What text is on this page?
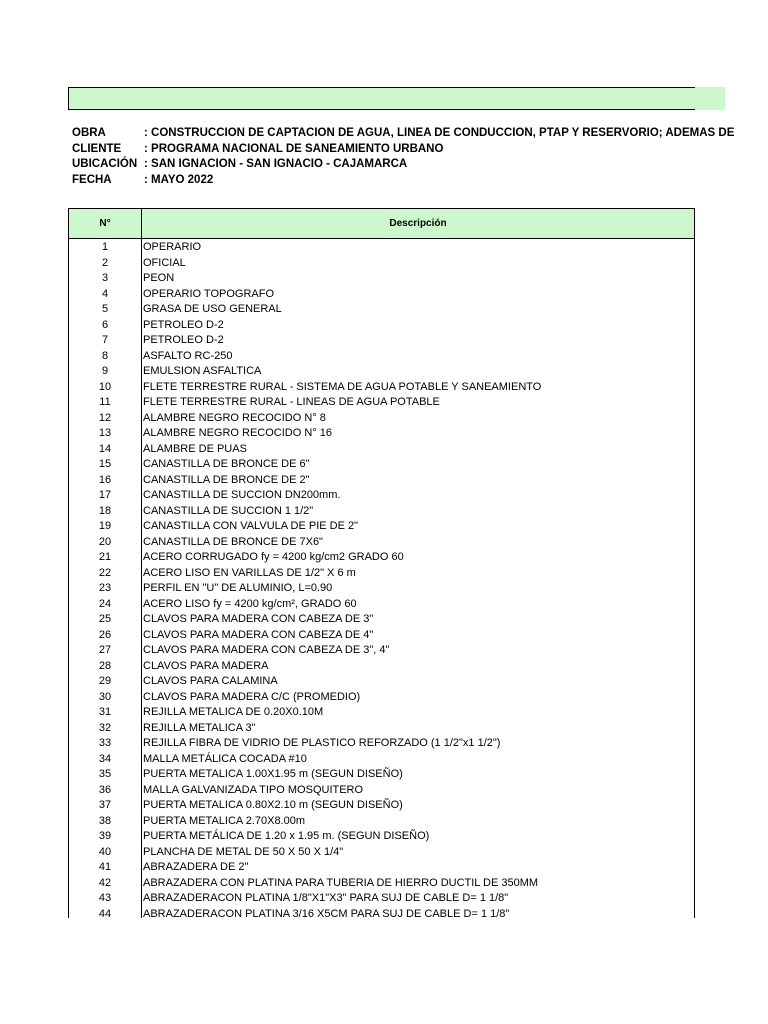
OBRA	: CONSTRUCCION DE CAPTACION DE AGUA, LINEA DE CONDUCCION, PTAP Y RESERVORIO; ADEMAS DE
CLIENTE : PROGRAMA NACIONAL DE SANEAMIENTO URBANO
UBICACIÓN : SAN IGNACION - SAN IGNACIO - CAJAMARCA
FECHA	: MAYO 2022
N°	Descripción
1	OPERARIO
2	OFICIAL
3	PEON
4	OPERARIO TOPOGRAFO
5	GRASA DE USO GENERAL
6	PETROLEO D-2
7	PETROLEO D-2
8	ASFALTO RC-250
9	EMULSION ASFALTICA
10	FLETE TERRESTRE RURAL - SISTEMA DE AGUA POTABLE Y SANEAMIENTO
11	FLETE TERRESTRE RURAL - LINEAS DE AGUA POTABLE
12	ALAMBRE NEGRO RECOCIDO N° 8
13	ALAMBRE NEGRO RECOCIDO N° 16
14	ALAMBRE DE PUAS
15	CANASTILLA DE BRONCE DE 6"
16	CANASTILLA DE BRONCE DE 2"
17	CANASTILLA DE SUCCION DN200mm.
18	CANASTILLA DE SUCCION 1 1/2"
19	CANASTILLA CON VALVULA DE PIE DE 2"
20	CANASTILLA DE BRONCE DE 7X6"
21	ACERO CORRUGADO fy = 4200 kg/cm2 GRADO 60
22	ACERO LISO EN VARILLAS DE 1/2" X 6 m
23	PERFIL EN "U" DE ALUMINIO, L=0.90
24	ACERO LISO fy = 4200 kg/cm², GRADO 60
25	CLAVOS PARA MADERA CON CABEZA DE 3"
26	CLAVOS PARA MADERA CON CABEZA DE 4"
27	CLAVOS PARA MADERA CON CABEZA DE 3", 4"
28	CLAVOS PARA MADERA
29	CLAVOS PARA CALAMINA
30	CLAVOS PARA MADERA C/C (PROMEDIO)
31	REJILLA METALICA DE 0.20X0.10M
32	REJILLA METALICA 3"
33	REJILLA FIBRA DE VIDRIO DE PLASTICO REFORZADO (1 1/2"x1 1/2")
34	MALLA METÁLICA COCADA #10
35	PUERTA METALICA 1.00X1.95 m (SEGUN DISEÑO)
36	MALLA GALVANIZADA TIPO MOSQUITERO
37	PUERTA METALICA 0.80X2.10 m (SEGUN DISEÑO)
38	PUERTA METALICA 2.70X8.00m
39	PUERTA METÁLICA DE 1.20 x 1.95 m. (SEGUN DISEÑO)
40	PLANCHA DE METAL DE 50 X 50 X 1/4"
41	ABRAZADERA DE 2"
42	ABRAZADERA CON PLATINA PARA TUBERIA DE HIERRO DUCTIL DE 350MM
43	ABRAZADERACON PLATINA 1/8"X1"X3" PARA SUJ DE CABLE D= 1 1/8"
44	ABRAZADERACON PLATINA 3/16 X5CM PARA SUJ DE CABLE D= 1 1/8"
